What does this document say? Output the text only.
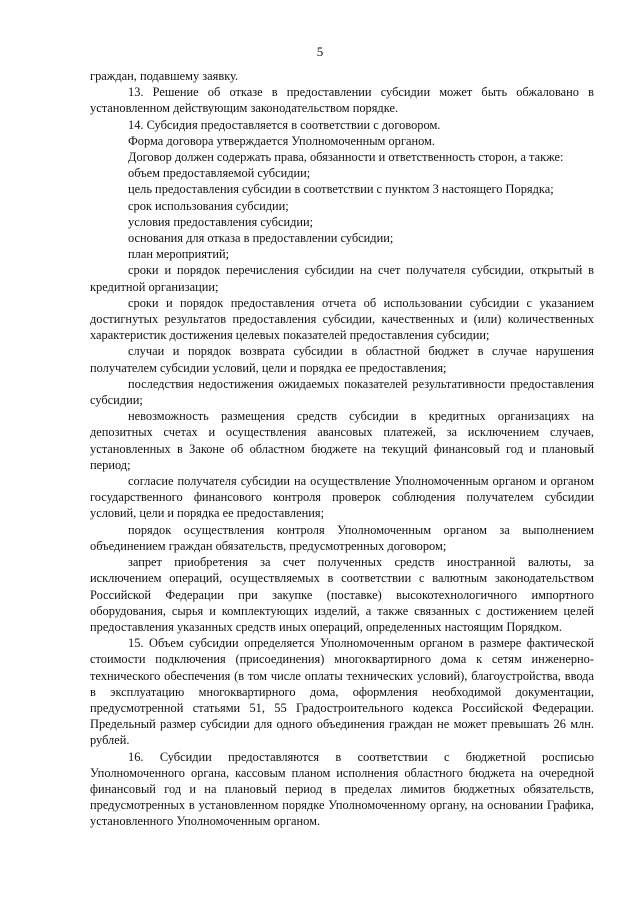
5

граждан, подавшему заявку.

13. Решение об отказе в предоставлении субсидии может быть обжаловано в установленном действующим законодательством порядке.

14. Субсидия предоставляется в соответствии с договором.

Форма договора утверждается Уполномоченным органом.

Договор должен содержать права, обязанности и ответственность сторон, а также:

объем предоставляемой субсидии;

цель предоставления субсидии в соответствии с пунктом 3 настоящего Порядка;

срок использования субсидии;

условия предоставления субсидии;

основания для отказа в предоставлении субсидии;

план мероприятий;

сроки и порядок перечисления субсидии на счет получателя субсидии, открытый в кредитной организации;

сроки и порядок предоставления отчета об использовании субсидии с указанием достигнутых результатов предоставления субсидии, качественных и (или) количественных характеристик достижения целевых показателей предоставления субсидии;

случаи и порядок возврата субсидии в областной бюджет в случае нарушения получателем субсидии условий, цели и порядка ее предоставления;

последствия недостижения ожидаемых показателей результативности предоставления субсидии;

невозможность размещения средств субсидии в кредитных организациях на депозитных счетах и осуществления авансовых платежей, за исключением случаев, установленных в Законе об областном бюджете на текущий финансовый год и плановый период;

согласие получателя субсидии на осуществление Уполномоченным органом и органом государственного финансового контроля проверок соблюдения получателем субсидии условий, цели и порядка ее предоставления;

порядок осуществления контроля Уполномоченным органом за выполнением объединением граждан обязательств, предусмотренных договором;

запрет приобретения за счет полученных средств иностранной валюты, за исключением операций, осуществляемых в соответствии с валютным законодательством Российской Федерации при закупке (поставке) высокотехнологичного импортного оборудования, сырья и комплектующих изделий, а также связанных с достижением целей предоставления указанных средств иных операций, определенных настоящим Порядком.

15. Объем субсидии определяется Уполномоченным органом в размере фактической стоимости подключения (присоединения) многоквартирного дома к сетям инженерно-технического обеспечения (в том числе оплаты технических условий), благоустройства, ввода в эксплуатацию многоквартирного дома, оформления необходимой документации, предусмотренной статьями 51, 55 Градостроительного кодекса Российской Федерации. Предельный размер субсидии для одного объединения граждан не может превышать 26 млн. рублей.

16. Субсидии предоставляются в соответствии с бюджетной росписью Уполномоченного органа, кассовым планом исполнения областного бюджета на очередной финансовый год и на плановый период в пределах лимитов бюджетных обязательств, предусмотренных в установленном порядке Уполномоченному органу, на основании Графика, установленного Уполномоченным органом.
